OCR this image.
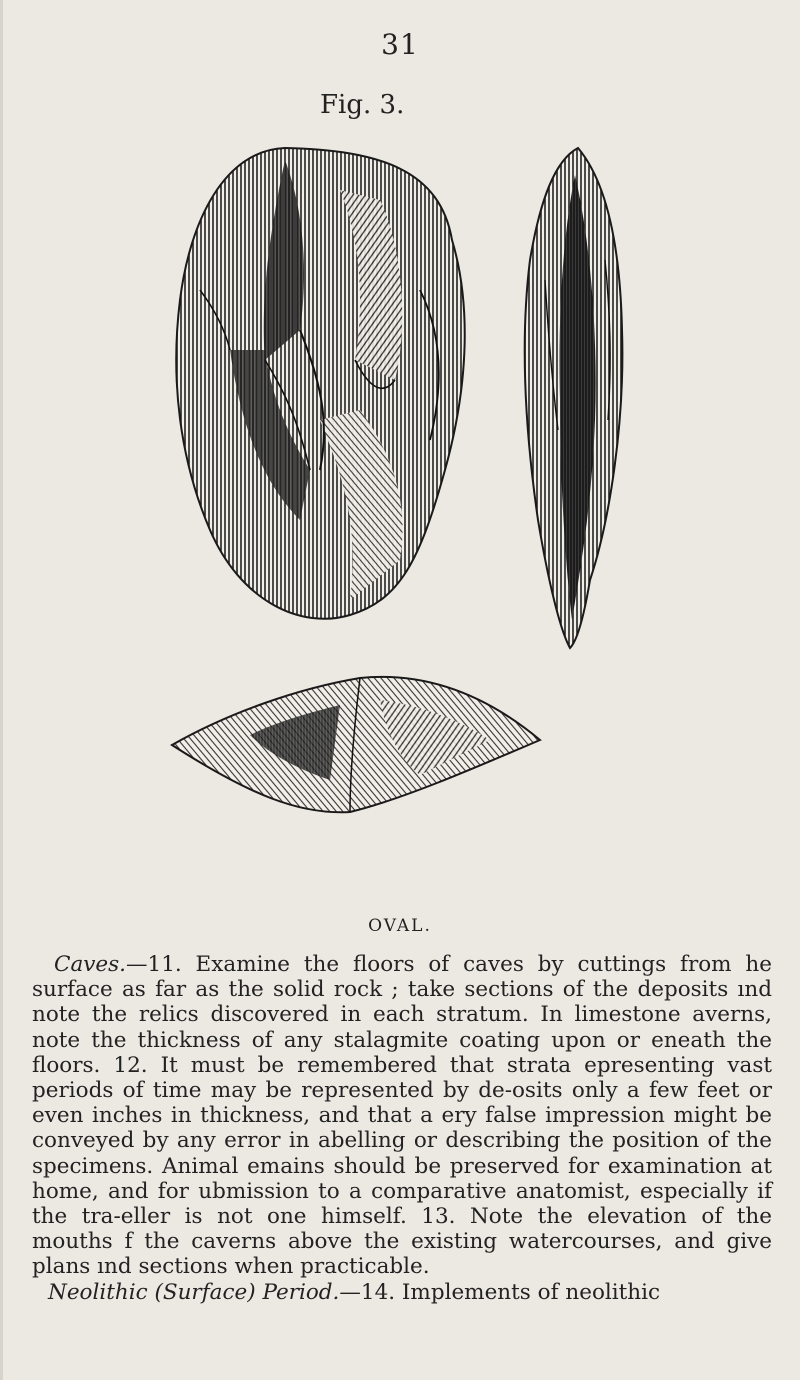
31
Fig. 3.
OVAL.

Caves.—11. Examine the floors of caves by cuttings from he surface as far as the solid rock ; take sections of the deposits ınd note the relics discovered in each stratum. In limestone averns, note the thickness of any stalagmite coating upon or eneath the floors. 12. It must be remembered that strata epresenting vast periods of time may be represented by de-osits only a few feet or even inches in thickness, and that a ery false impression might be conveyed by any error in abelling or describing the position of the specimens. Animal emains should be preserved for examination at home, and for ubmission to a comparative anatomist, especially if the tra-eller is not one himself. 13. Note the elevation of the mouths f the caverns above the existing watercourses, and give plans ınd sections when practicable.

Neolithic (Surface) Period.—14. Implements of neolithic
